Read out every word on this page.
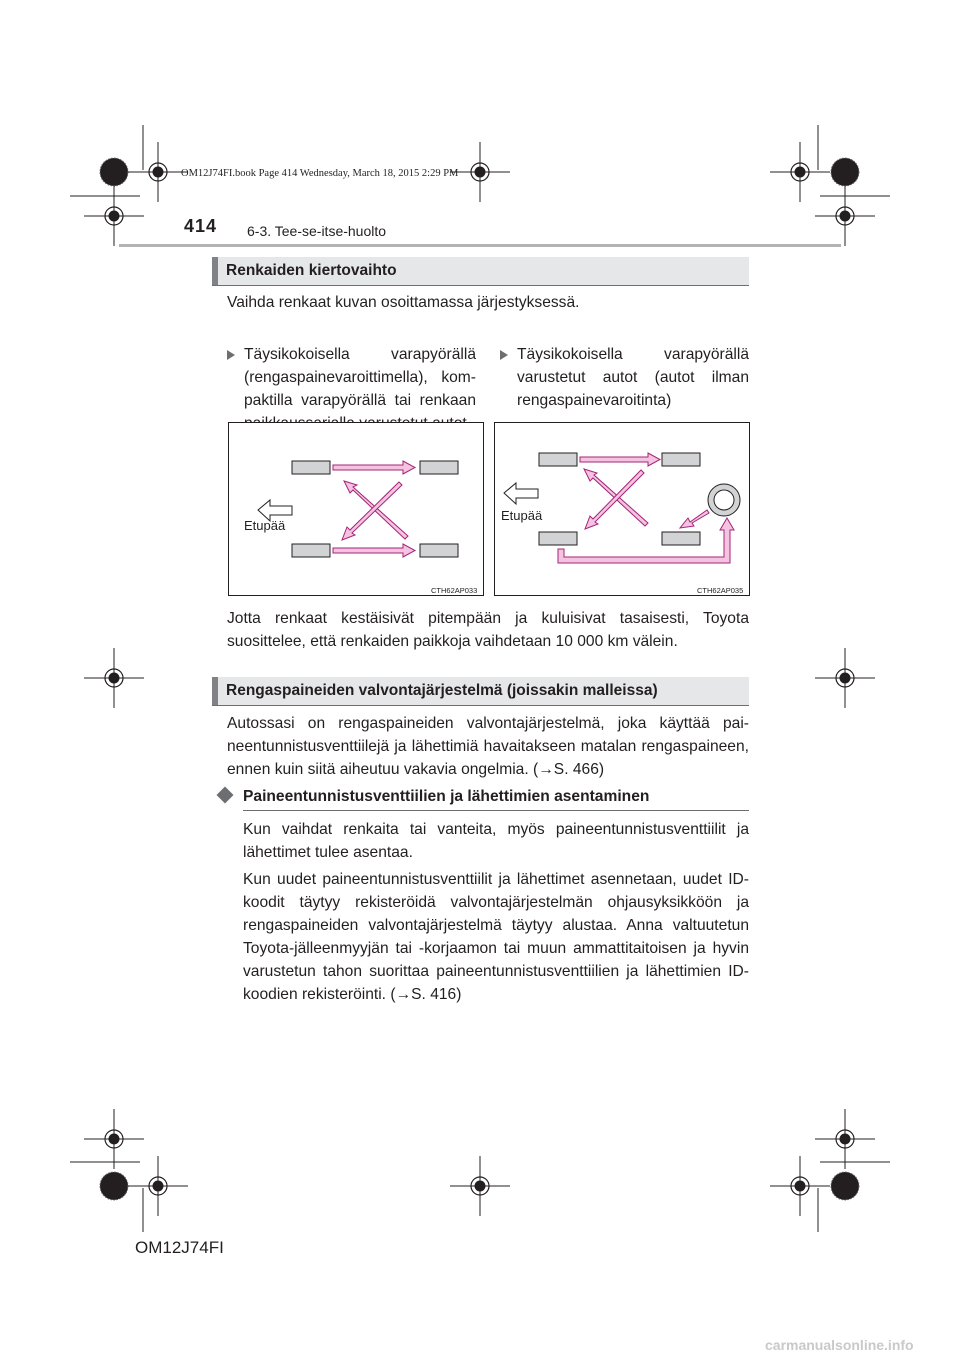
OM12J74FI.book Page 414 Wednesday, March 18, 2015 2:29 PM
414 6-3. Tee-se-itse-huolto
Renkaiden kiertovaihto
Vaihda renkaat kuvan osoittamassa järjestyksessä.
Täysikokoisella varapyörällä (rengaspainevaroittimella), kompaktilla varapyörällä tai renkaan
Täysikokoisella varapyörällä varustetut autot (autot ilman rengaspainevaroitinta)
Etupää
CTH62AP033
Etupää
CTH62AP035
Jotta renkaat kestäisivät pitempään ja kuluisivat tasaisesti, Toyota suosittelee, että renkaiden paikkoja vaihdetaan 10 000 km välein.
Rengaspaineiden valvontajärjestelmä (joissakin malleissa)
Autossasi on rengaspaineiden valvontajärjestelmä, joka käyttää paineentunnistusventtiilejä ja lähettimiä havaitakseen matalan rengaspaineen, ennen kuin siitä aiheutuu vakavia ongelmia. (→S. 466)
Paineentunnistusventtiilien ja lähettimien asentaminen
Kun vaihdat renkaita tai vanteita, myös paineentunnistusventtiilit ja lähettimet tulee asentaa.
Kun uudet paineentunnistusventtiilit ja lähettimet asennetaan, uudet ID-koodit täytyy rekisteröidä valvontajärjestelmän ohjausyksikköön ja rengaspaineiden valvontajärjestelmä täytyy alustaa. Anna valtuutetun Toyota-jälleenmyyjän tai -korjaamon tai muun ammattitaitoisen ja hyvin varustetun tahon suorittaa paineentunnistusventtiilien ja lähettimien ID-koodien rekisteröinti. (→S. 416)
OM12J74FI
carmanualsonline.info
